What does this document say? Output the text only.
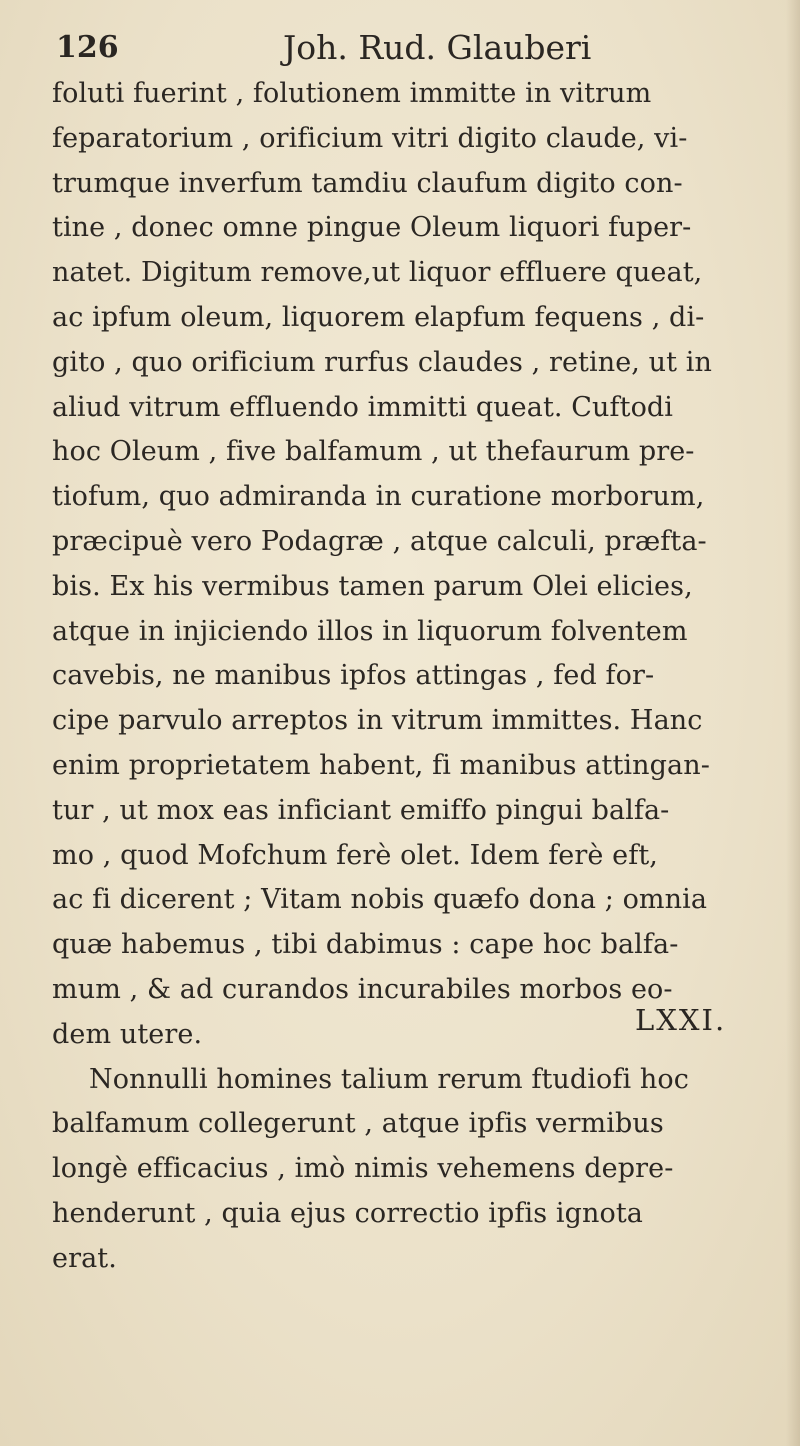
126	Joh. Rud. Glauberi
foluti fuerint , folutionem immitte in vitrum
feparatorium , orificium vitri digito claude, vi-
trumque inverfum tamdiu claufum digito con-
tine , donec omne pingue Oleum liquori fuper-
natet. Digitum remove,ut liquor effluere queat,
ac ipfum oleum, liquorem elapfum fequens , di-
gito , quo orificium rurfus claudes , retine, ut in
aliud vitrum effluendo immitti queat. Cuftodi
hoc Oleum , five balfamum , ut thefaurum pre-
tiofum, quo admiranda in curatione morborum,
præcipuè vero Podagræ , atque calculi, præfta-
bis. Ex his vermibus tamen parum Olei elicies,
atque in injiciendo illos in liquorum folventem
cavebis, ne manibus ipfos attingas , fed for-
cipe parvulo arreptos in vitrum immittes. Hanc
enim proprietatem habent, fi manibus attingan-
tur , ut mox eas inficiant emiffo pingui balfa-
mo , quod Mofchum ferè olet. Idem ferè eft,
ac fi dicerent ; Vitam nobis quæfo dona ; omnia
quæ habemus , tibi dabimus : cape hoc balfa-
mum , & ad curandos incurabiles morbos eo-
dem utere.
Nonnulli homines talium rerum ftudiofi hoc
balfamum collegerunt , atque ipfis vermibus
longè efficacius , imò nimis vehemens depre-
henderunt , quia ejus correctio ipfis ignota
erat.
LXXI.
